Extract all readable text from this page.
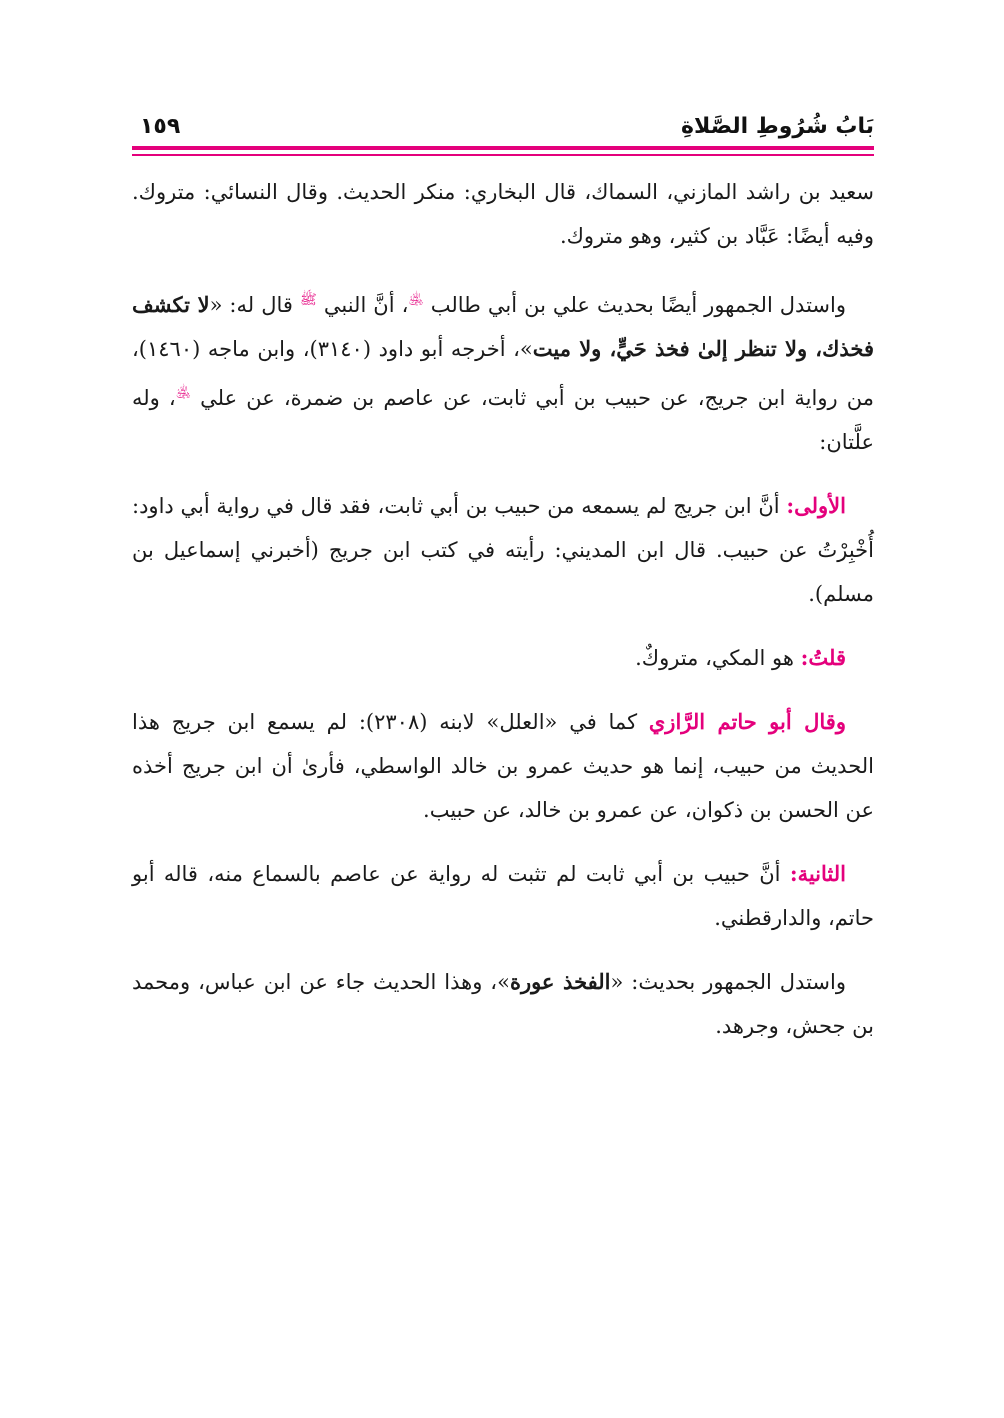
بَابُ شُرُوطِ الصَّلاةِ
١٥٩

سعيد بن راشد المازني، السماك، قال البخاري: منكر الحديث. وقال النسائي: متروك. وفيه أيضًا: عَبَّاد بن كثير، وهو متروك.

واستدل الجمهور أيضًا بحديث علي بن أبي طالب ﵁، أنَّ النبي $^ﷺ$ قال له: «لا تكشف فخذك، ولا تنظر إلىٰ فخذ حَيٍّ، ولا ميت»، أخرجه أبو داود (٣١٤٠)، وابن ماجه (١٤٦٠)، من رواية ابن جريج، عن حبيب بن أبي ثابت، عن عاصم بن ضمرة، عن علي ﵁، وله علَّتان:

الأولى: أنَّ ابن جريج لم يسمعه من حبيب بن أبي ثابت، فقد قال في رواية أبي داود: أُخْبِرْتُ عن حبيب. قال ابن المديني: رأيته في كتب ابن جريج (أخبرني إسماعيل بن مسلم).

قلتُ: هو المكي، متروكٌ.

وقال أبو حاتم الرَّازي كما في «العلل» لابنه (٢٣٠٨): لم يسمع ابن جريج هذا الحديث من حبيب، إنما هو حديث عمرو بن خالد الواسطي، فأرىٰ أن ابن جريج أخذه عن الحسن بن ذكوان، عن عمرو بن خالد، عن حبيب.

الثانية: أنَّ حبيب بن أبي ثابت لم تثبت له رواية عن عاصم بالسماع منه، قاله أبو حاتم، والدارقطني.

واستدل الجمهور بحديث: «الفخذ عورة»، وهذا الحديث جاء عن ابن عباس، ومحمد بن جحش، وجرهد.
